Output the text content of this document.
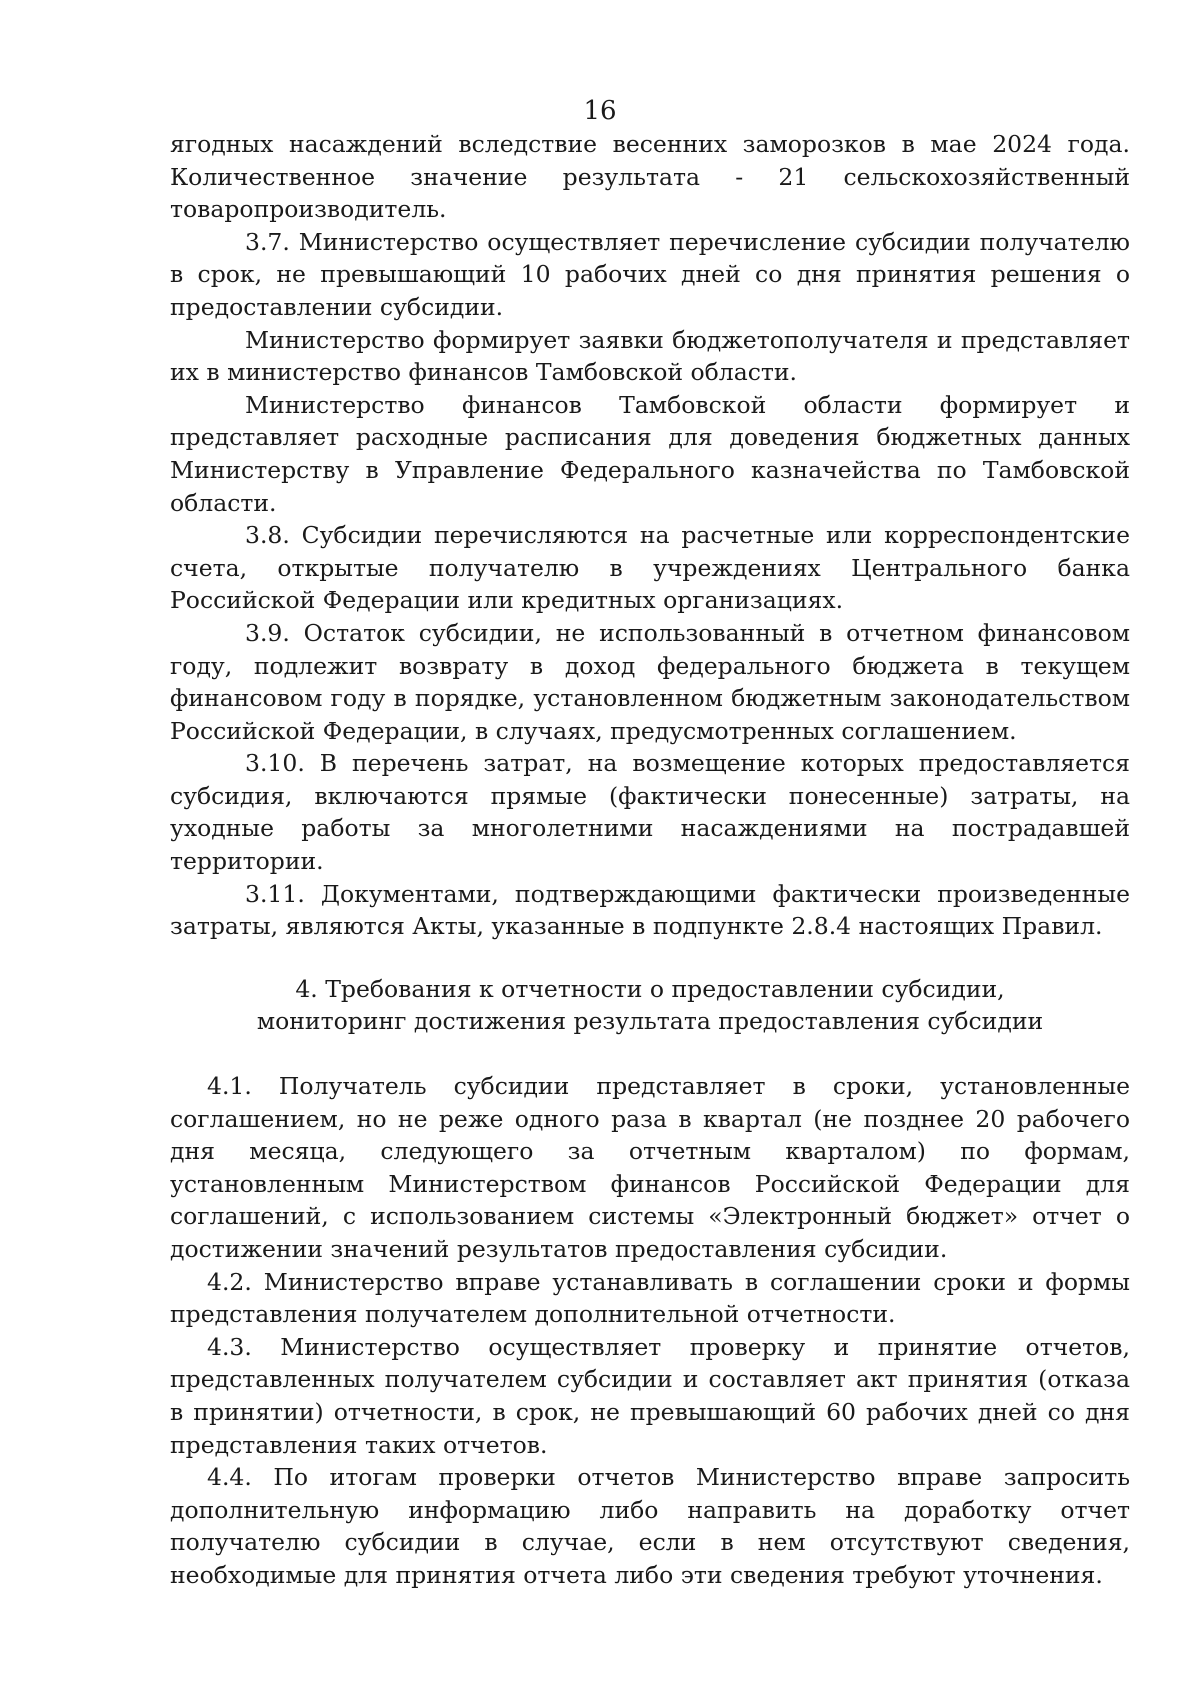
16

ягодных насаждений вследствие весенних заморозков в мае 2024 года. Количественное значение результата - 21 сельскохозяйственный товаропроизводитель.

3.7. Министерство осуществляет перечисление субсидии получателю в срок, не превышающий 10 рабочих дней со дня принятия решения о предоставлении субсидии.

Министерство формирует заявки бюджетополучателя и представляет их в министерство финансов Тамбовской области.

Министерство финансов Тамбовской области формирует и представляет расходные расписания для доведения бюджетных данных Министерству в Управление Федерального казначейства по Тамбовской области.

3.8. Субсидии перечисляются на расчетные или корреспондентские счета, открытые получателю в учреждениях Центрального банка Российской Федерации или кредитных организациях.

3.9. Остаток субсидии, не использованный в отчетном финансовом году, подлежит возврату в доход федерального бюджета в текущем финансовом году в порядке, установленном бюджетным законодательством Российской Федерации, в случаях, предусмотренных соглашением.

3.10. В перечень затрат, на возмещение которых предоставляется субсидия, включаются прямые (фактически понесенные) затраты, на уходные работы за многолетними насаждениями на пострадавшей территории.

3.11. Документами, подтверждающими фактически произведенные затраты, являются Акты, указанные в подпункте 2.8.4 настоящих Правил.

4. Требования к отчетности о предоставлении субсидии,
мониторинг достижения результата предоставления субсидии

4.1. Получатель субсидии представляет в сроки, установленные соглашением, но не реже одного раза в квартал (не позднее 20 рабочего дня месяца, следующего за отчетным кварталом) по формам, установленным Министерством финансов Российской Федерации для соглашений, с использованием системы «Электронный бюджет» отчет о достижении значений результатов предоставления субсидии.

4.2. Министерство вправе устанавливать в соглашении сроки и формы представления получателем дополнительной отчетности.

4.3. Министерство осуществляет проверку и принятие отчетов, представленных получателем субсидии и составляет акт принятия (отказа в принятии) отчетности, в срок, не превышающий 60 рабочих дней со дня представления таких отчетов.

4.4. По итогам проверки отчетов Министерство вправе запросить дополнительную информацию либо направить на доработку отчет получателю субсидии в случае, если в нем отсутствуют сведения, необходимые для принятия отчета либо эти сведения требуют уточнения.
